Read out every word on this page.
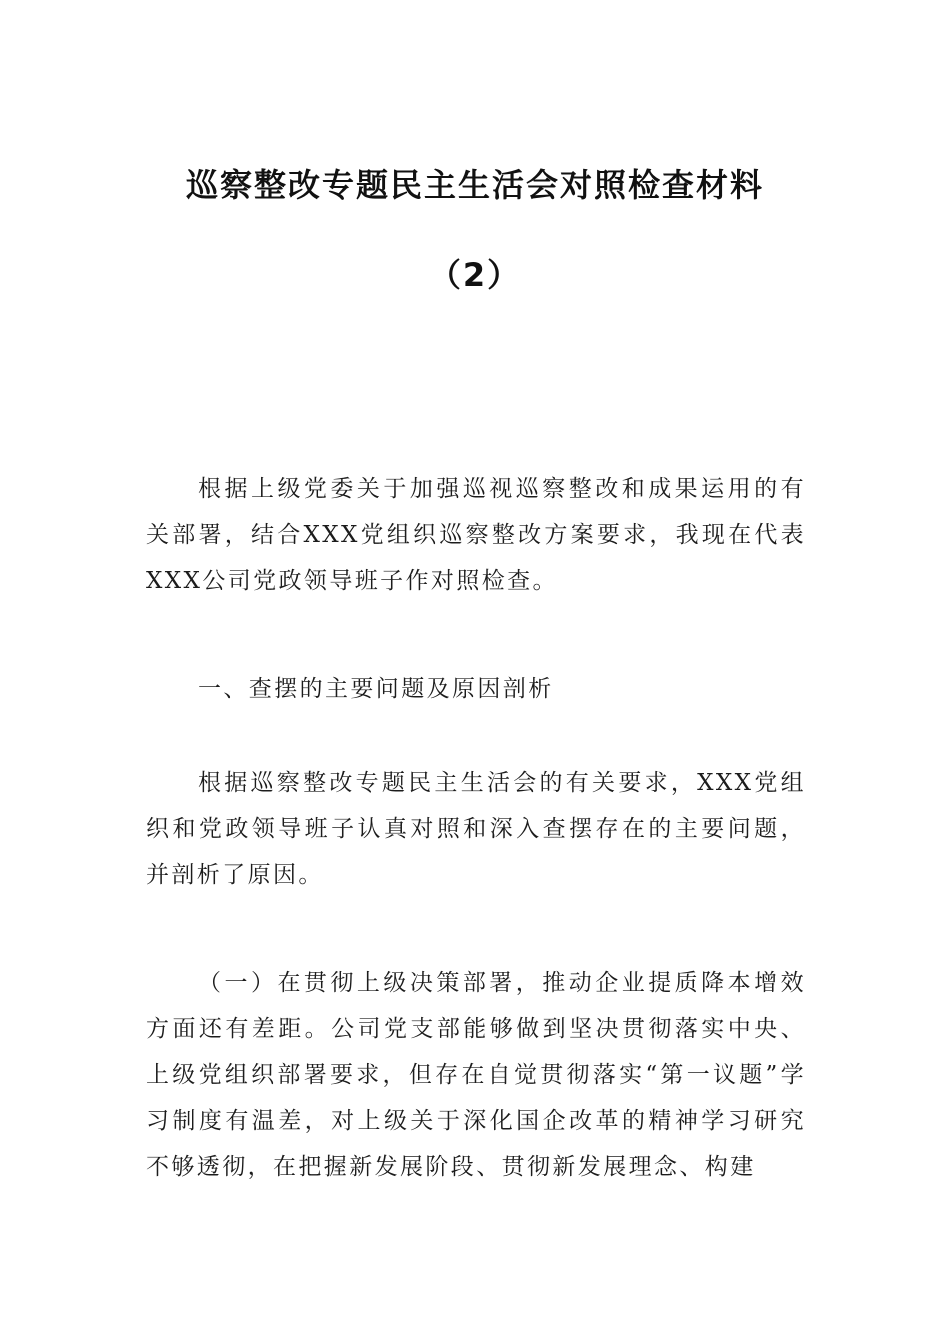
巡察整改专题民主生活会对照检查材料
（2）

根据上级党委关于加强巡视巡察整改和成果运用的有关部署，结合XXX党组织巡察整改方案要求，我现在代表XXX公司党政领导班子作对照检查。

一、查摆的主要问题及原因剖析

根据巡察整改专题民主生活会的有关要求，XXX党组织和党政领导班子认真对照和深入查摆存在的主要问题，并剖析了原因。

（一）在贯彻上级决策部署，推动企业提质降本增效方面还有差距。公司党支部能够做到坚决贯彻落实中央、上级党组织部署要求，但存在自觉贯彻落实“第一议题”学习制度有温差，对上级关于深化国企改革的精神学习研究不够透彻，在把握新发展阶段、贯彻新发展理念、构建
